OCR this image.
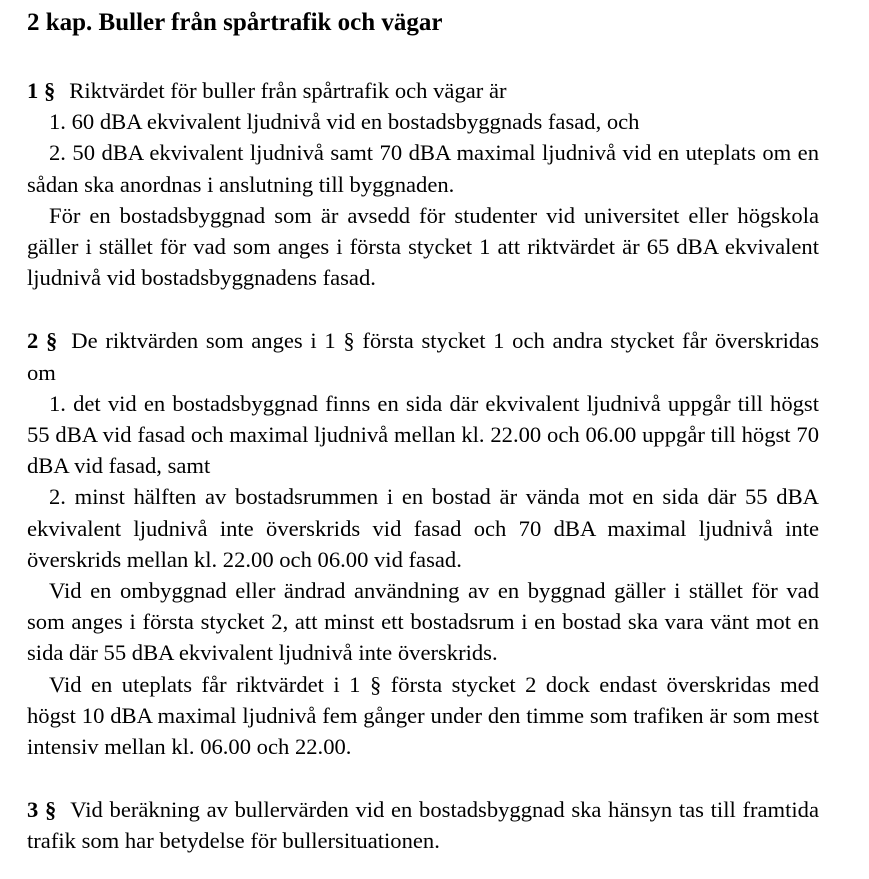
2 kap. Buller från spårtrafik och vägar

1 § Riktvärdet för buller från spårtrafik och vägar är

1. 60 dBA ekvivalent ljudnivå vid en bostadsbyggnads fasad, och

2. 50 dBA ekvivalent ljudnivå samt 70 dBA maximal ljudnivå vid en uteplats om en sådan ska anordnas i anslutning till byggnaden.

För en bostadsbyggnad som är avsedd för studenter vid universitet eller högskola gäller i stället för vad som anges i första stycket 1 att riktvärdet är 65 dBA ekvivalent ljudnivå vid bostadsbyggnadens fasad.

2 § De riktvärden som anges i 1 § första stycket 1 och andra stycket får överskridas om

1. det vid en bostadsbyggnad finns en sida där ekvivalent ljudnivå uppgår till högst 55 dBA vid fasad och maximal ljudnivå mellan kl. 22.00 och 06.00 uppgår till högst 70 dBA vid fasad, samt

2. minst hälften av bostadsrummen i en bostad är vända mot en sida där 55 dBA ekvivalent ljudnivå inte överskrids vid fasad och 70 dBA maximal ljudnivå inte överskrids mellan kl. 22.00 och 06.00 vid fasad.

Vid en ombyggnad eller ändrad användning av en byggnad gäller i stället för vad som anges i första stycket 2, att minst ett bostadsrum i en bostad ska vara vänt mot en sida där 55 dBA ekvivalent ljudnivå inte överskrids.

Vid en uteplats får riktvärdet i 1 § första stycket 2 dock endast överskridas med högst 10 dBA maximal ljudnivå fem gånger under den timme som trafiken är som mest intensiv mellan kl. 06.00 och 22.00.

3 § Vid beräkning av bullervärden vid en bostadsbyggnad ska hänsyn tas till framtida trafik som har betydelse för bullersituationen.
